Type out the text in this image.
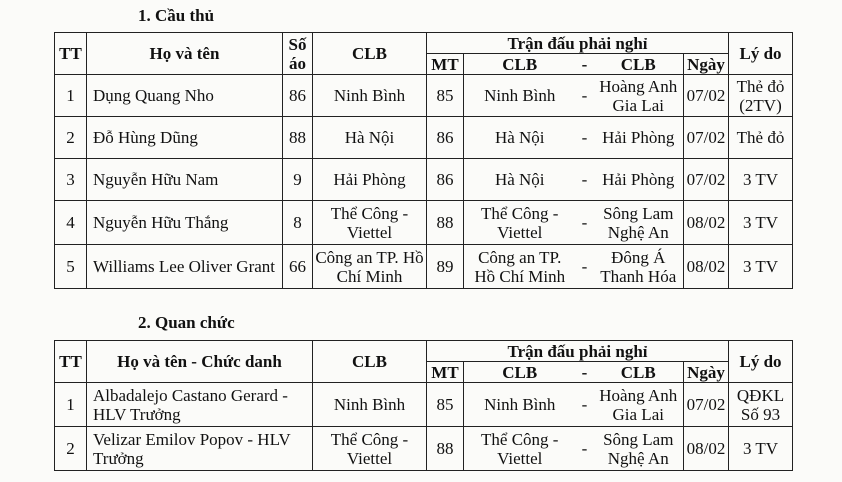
1. Cầu thủ
TT	Họ và tên	Số áo	CLB	Trận đấu phải nghỉ					Lý do
				MT	CLB	-	CLB	Ngày	
1	Dụng Quang Nho	86	Ninh Bình	85	Ninh Bình	-	Hoàng Anh Gia Lai	07/02	Thẻ đỏ (2TV)
2	Đỗ Hùng Dũng	88	Hà Nội	86	Hà Nội	-	Hải Phòng	07/02	Thẻ đỏ
3	Nguyễn Hữu Nam	9	Hải Phòng	86	Hà Nội	-	Hải Phòng	07/02	3 TV
4	Nguyễn Hữu Thắng	8	Thể Công - Viettel	88	Thể Công - Viettel	-	Sông Lam Nghệ An	08/02	3 TV
5	Williams Lee Oliver Grant	66	Công an TP. Hồ Chí Minh	89	Công an TP. Hồ Chí Minh	-	Đông Á Thanh Hóa	08/02	3 TV
2. Quan chức
TT	Họ và tên - Chức danh	CLB	Trận đấu phải nghỉ					Lý do
			MT	CLB	-	CLB	Ngày	
1	Albadalejo Castano Gerard - HLV Trưởng	Ninh Bình	85	Ninh Bình	-	Hoàng Anh Gia Lai	07/02	QĐKL Số 93
2	Velizar Emilov Popov - HLV Trưởng	Thể Công - Viettel	88	Thể Công - Viettel	-	Sông Lam Nghệ An	08/02	3 TV
